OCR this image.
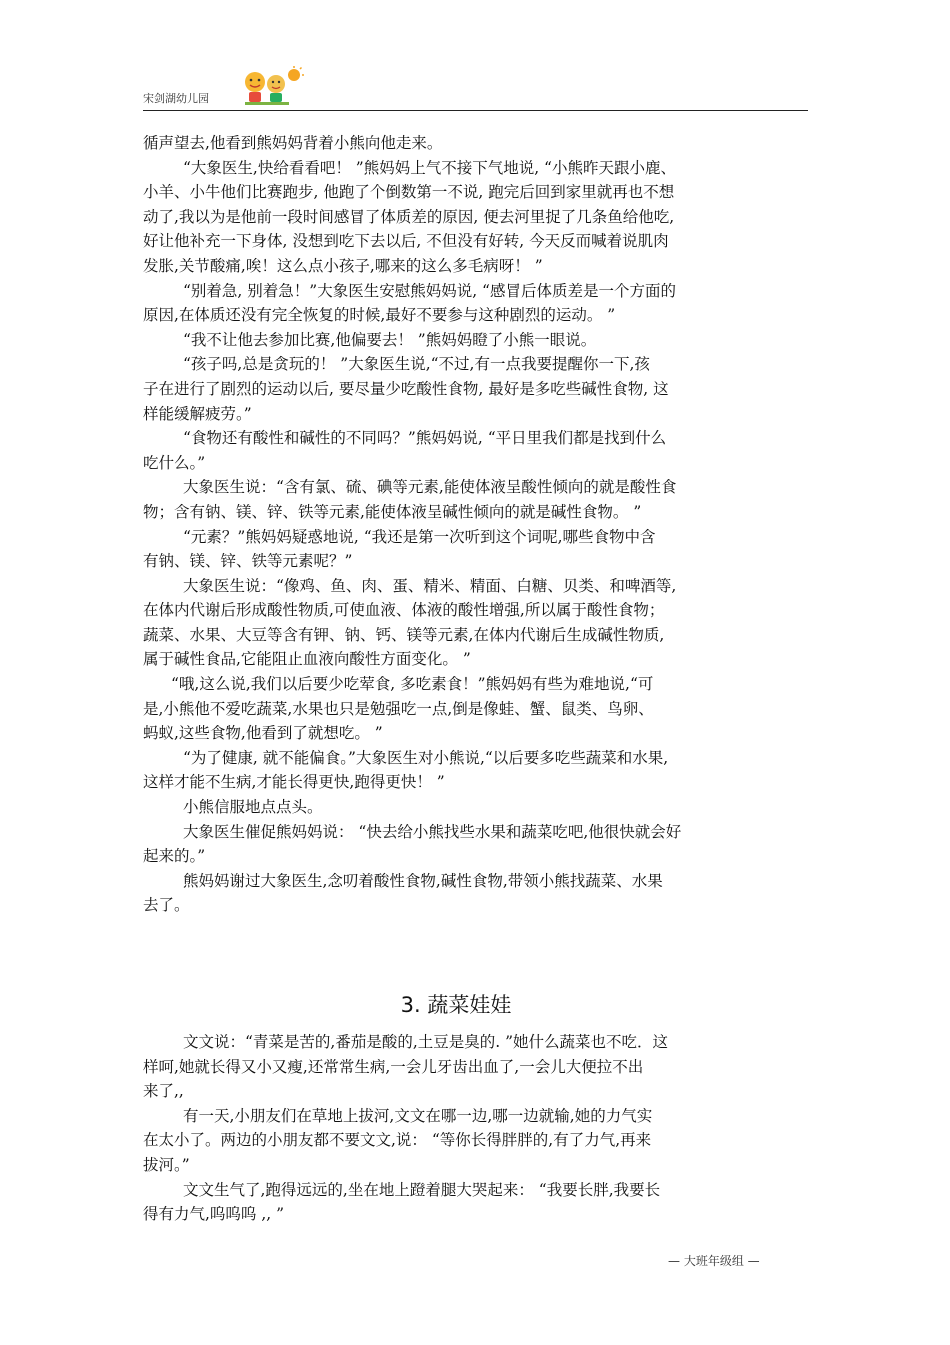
宋剑湖幼儿园

循声望去,他看到熊妈妈背着小熊向他走来。

“大象医生,快给看看吧！ ”熊妈妈上气不接下气地说, “小熊昨天跟小鹿、

小羊、小牛他们比赛跑步, 他跑了个倒数第一不说, 跑完后回到家里就再也不想

动了,我以为是他前一段时间感冒了体质差的原因, 便去河里捉了几条鱼给他吃,

好让他补充一下身体, 没想到吃下去以后, 不但没有好转, 今天反而喊着说肌肉

发胀,关节酸痛,唉！这么点小孩子,哪来的这么多毛病呀！ ”

“别着急, 别着急！”大象医生安慰熊妈妈说, “感冒后体质差是一个方面的

原因,在体质还没有完全恢复的时候,最好不要参与这种剧烈的运动。 ”

“我不让他去参加比赛,他偏要去！ ”熊妈妈瞪了小熊一眼说。

“孩子吗,总是贪玩的！ ”大象医生说,“不过,有一点我要提醒你一下,孩

子在进行了剧烈的运动以后, 要尽量少吃酸性食物, 最好是多吃些碱性食物, 这

样能缓解疲劳。”

“食物还有酸性和碱性的不同吗？”熊妈妈说, “平日里我们都是找到什么

吃什么。”

大象医生说：“含有氯、硫、碘等元素,能使体液呈酸性倾向的就是酸性食

物；含有钠、镁、锌、铁等元素,能使体液呈碱性倾向的就是碱性食物。 ”

“元素？”熊妈妈疑惑地说, “我还是第一次听到这个词呢,哪些食物中含

有钠、镁、锌、铁等元素呢？”

大象医生说：“像鸡、鱼、肉、蛋、精米、精面、白糖、贝类、和啤酒等,

在体内代谢后形成酸性物质,可使血液、体液的酸性增强,所以属于酸性食物；

蔬菜、水果、大豆等含有钾、钠、钙、镁等元素,在体内代谢后生成碱性物质,

属于碱性食品,它能阻止血液向酸性方面变化。 ”

“哦,这么说,我们以后要少吃荤食, 多吃素食！”熊妈妈有些为难地说,“可

是,小熊他不爱吃蔬菜,水果也只是勉强吃一点,倒是像蛙、蟹、鼠类、鸟卵、

蚂蚁,这些食物,他看到了就想吃。 ”

“为了健康, 就不能偏食。”大象医生对小熊说,“以后要多吃些蔬菜和水果,

这样才能不生病,才能长得更快,跑得更快！ ”

小熊信服地点点头。

大象医生催促熊妈妈说： “快去给小熊找些水果和蔬菜吃吧,他很快就会好

起来的。”

熊妈妈谢过大象医生,念叨着酸性食物,碱性食物,带领小熊找蔬菜、水果

去了。

3. 蔬菜娃娃

文文说：“青菜是苦的,番茄是酸的,土豆是臭的. ”她什么蔬菜也不吃．这

样呵,她就长得又小又瘦,还常常生病,一会儿牙齿出血了,一会儿大便拉不出

来了,,

有一天,小朋友们在草地上拔河,文文在哪一边,哪一边就输,她的力气实

在太小了。两边的小朋友都不要文文,说： “等你长得胖胖的,有了力气,再来

拔河。”

文文生气了,跑得远远的,坐在地上蹬着腿大哭起来： “我要长胖,我要长

得有力气,呜呜呜 ,, ”

— 大班年级组 —
